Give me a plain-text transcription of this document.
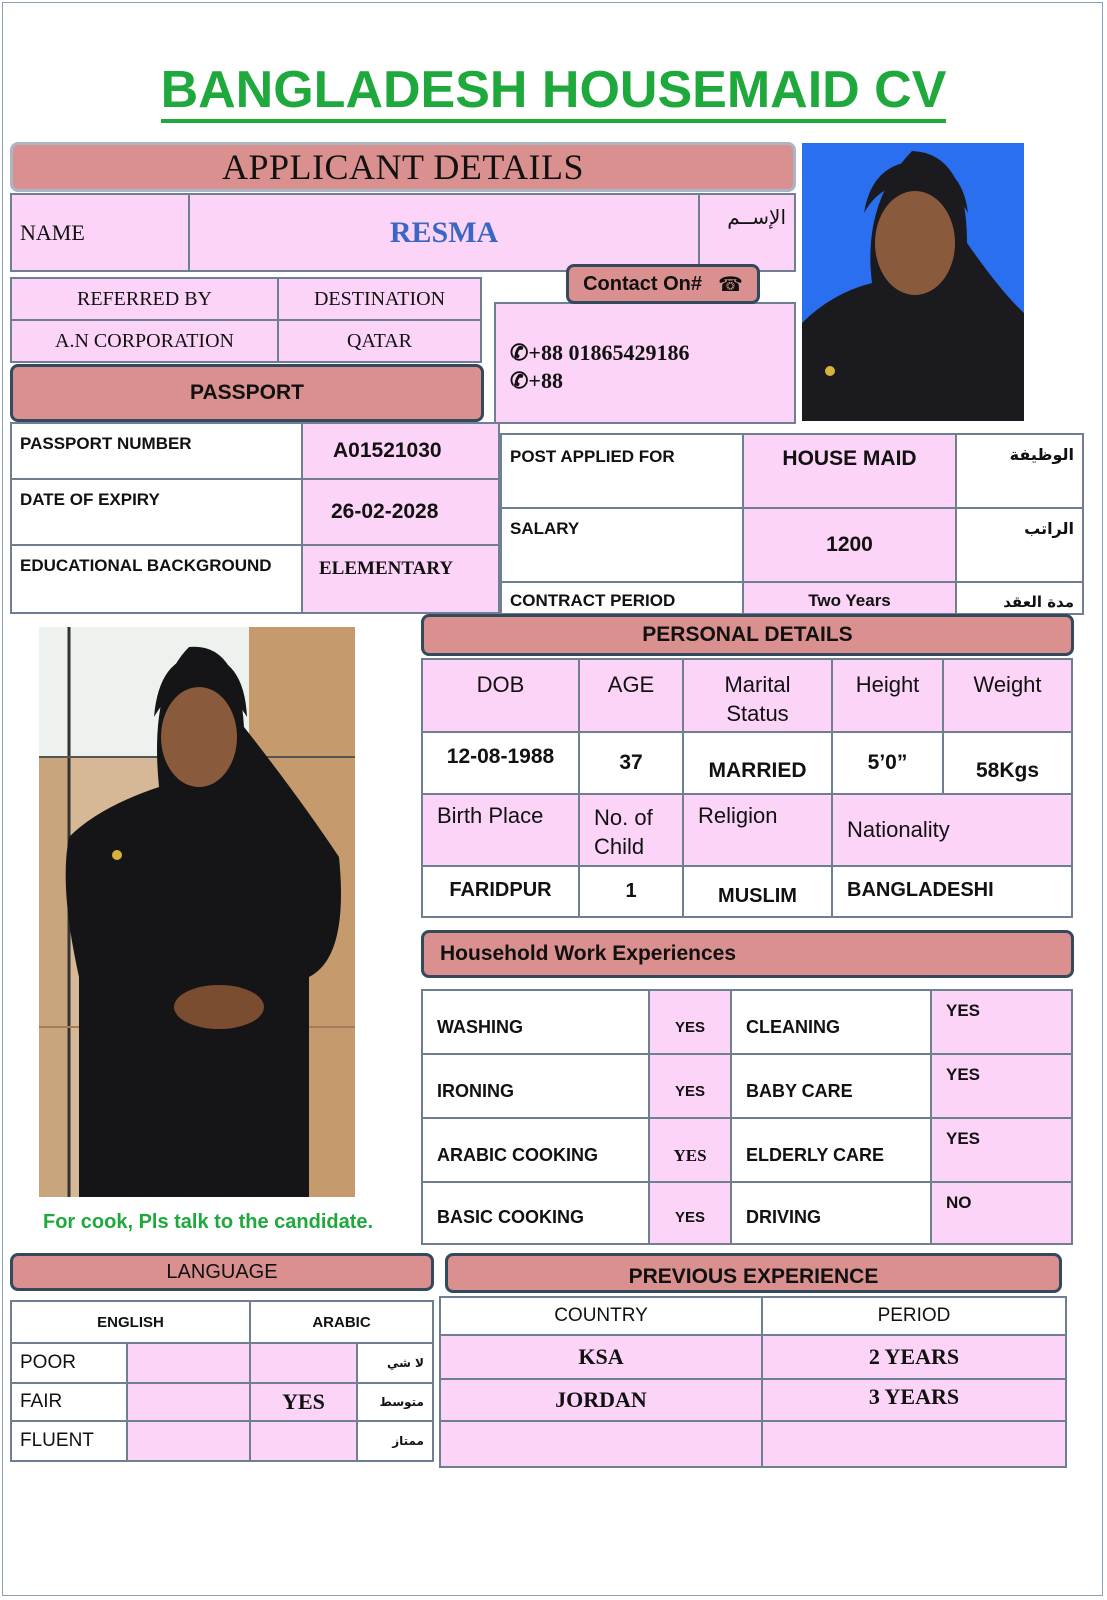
BANGLADESH HOUSEMAID CV
APPLICANT DETAILS
NAME	RESMA	الإســم
REFERRED BY	DESTINATION
A.N CORPORATION	QATAR	✆+88 01865429186
✆+88
Contact On# ☎
PASSPORT
PASSPORT NUMBER	A01521030
DATE OF EXPIRY	26-02-2028
EDUCATIONAL BACKGROUND	ELEMENTARY
POST APPLIED FOR	HOUSE MAID	الوظيفة
SALARY	1200	الراتب
CONTRACT PERIOD	Two Years	مدة العقد
PERSONAL DETAILS
DOB	AGE	Marital Status	Height	Weight
12-08-1988	37	MARRIED	5’0”	58Kgs
Birth Place	No. of Child	Religion	Nationality	
FARIDPUR	1	MUSLIM	BANGLADESHI	
Household Work Experiences
WASHING	YES	CLEANING	YES
IRONING	YES	BABY CARE	YES
ARABIC COOKING	YES	ELDERLY CARE	YES
BASIC COOKING	YES	DRIVING	NO
For cook, Pls talk to the candidate.
LANGUAGE
ENGLISH		ARABIC	
POOR			لا شي
FAIR		YES	متوسط
FLUENT			ممتاز
PREVIOUS EXPERIENCE
COUNTRY	PERIOD
KSA	2 YEARS
JORDAN	3 YEARS
